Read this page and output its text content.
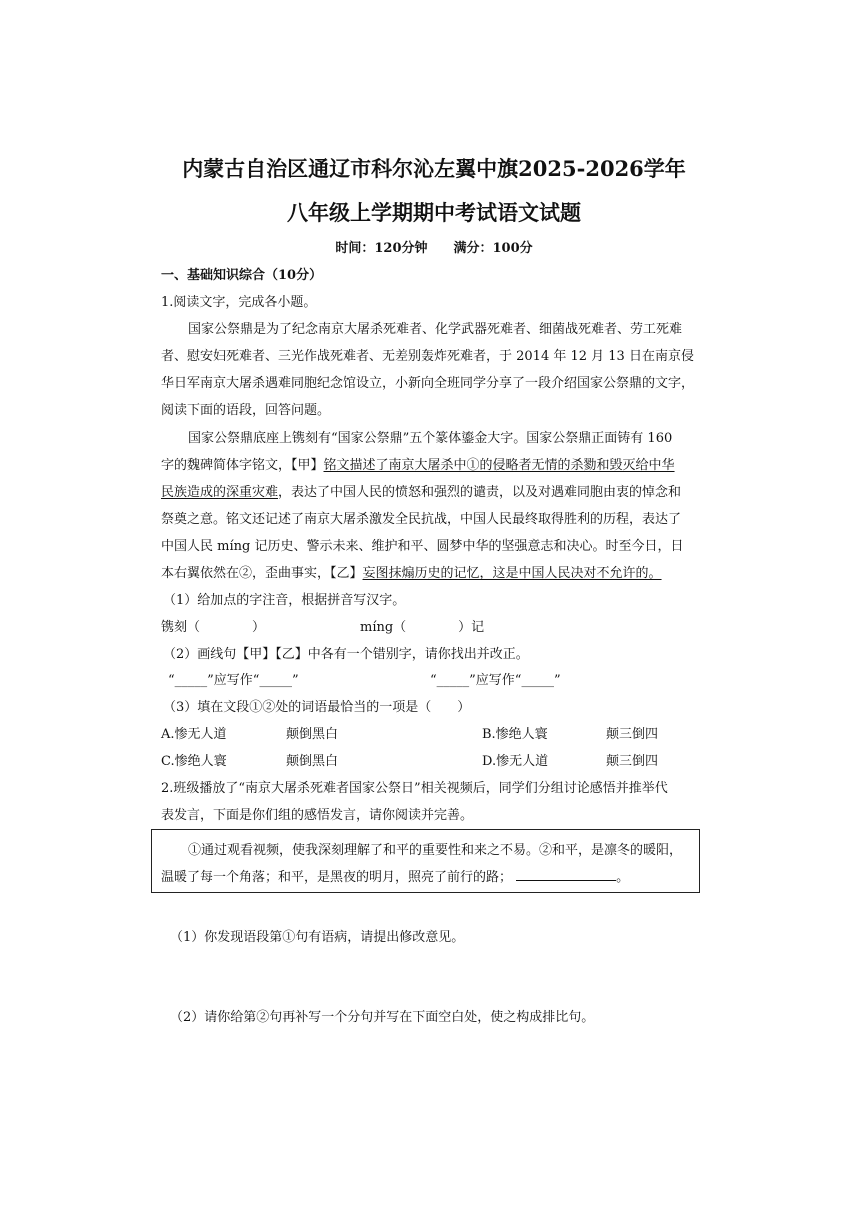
内蒙古自治区通辽市科尔沁左翼中旗2025-2026学年
八年级上学期期中考试语文试题
时间：120分钟　　满分：100分
一、基础知识综合（10分）
1.阅读文字，完成各小题。
国家公祭鼎是为了纪念南京大屠杀死难者、化学武器死难者、细菌战死难者、劳工死难
者、慰安妇死难者、三光作战死难者、无差别轰炸死难者，于 2014 年 12 月 13 日在南京侵
华日军南京大屠杀遇难同胞纪念馆设立，小新向全班同学分享了一段介绍国家公祭鼎的文字，
阅读下面的语段，回答问题。
国家公祭鼎底座上镌刻有“国家公祭鼎”五个篆体鎏金大字。国家公祭鼎正面铸有 160
字的魏碑简体字铭文，【甲】铭文描述了南京大屠杀中①的侵略者无情的杀勠和毁灭给中华
民族造成的深重灾难，表达了中国人民的愤怒和强烈的谴责，以及对遇难同胞由衷的悼念和
祭奠之意。铭文还记述了南京大屠杀激发全民抗战，中国人民最终取得胜利的历程，表达了
中国人民 míng 记历史、警示未来、维护和平、圆梦中华的坚强意志和决心。时至今日，日
本右翼依然在②，歪曲事实，【乙】妄图抹煽历史的记忆，这是中国人民决对不允许的。
（1）给加点的字注音，根据拼音写汉字。
镌刻（　　　　）	míng（　　　　）记
（2）画线句【甲】【乙】中各有一个错别字，请你找出并改正。
“_____”应写作“_____”	“_____”应写作“_____”
（3）填在文段①②处的词语最恰当的一项是（　　）
A.惨无人道	颠倒黑白	B.惨绝人寰	颠三倒四
C.惨绝人寰	颠倒黑白	D.惨无人道	颠三倒四
2.班级播放了“南京大屠杀死难者国家公祭日”相关视频后，同学们分组讨论感悟并推举代
表发言，下面是你们组的感悟发言，请你阅读并完善。
①通过观看视频，使我深刻理解了和平的重要性和来之不易。②和平，是凛冬的暖阳，
温暖了每一个角落；和平，是黑夜的明月，照亮了前行的路；	。
（1）你发现语段第①句有语病，请提出修改意见。
（2）请你给第②句再补写一个分句并写在下面空白处，使之构成排比句。
